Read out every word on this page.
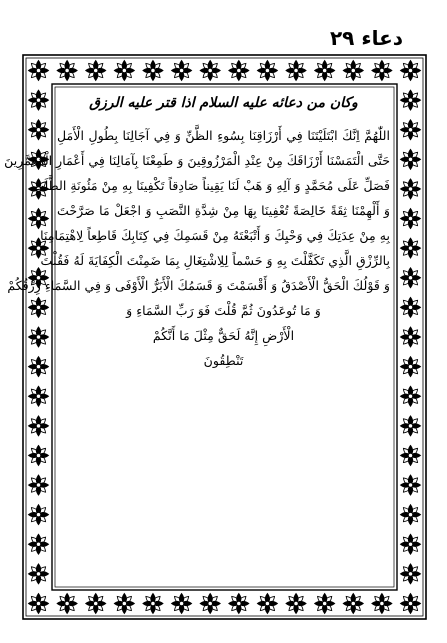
دعاء ۲۹
وکان من دعائه علیه السلام اذا قتر علیه الرزق
اللّٰهُمَّ اِنَّكَ ابْتَلَيْتَنَا فِي أَرْزَاقِنَا بِسُوءِ الظَّنِّ وَ فِي آجَالِنَا بِطُولِ الْأَمَلِ
حَتَّى الْتَمَسْنَا أَرْزَاقَكَ مِنْ عِنْدِ الْمَرْزُوقِينَ وَ طَمِعْنَا بِآمَالِنَا فِي أَعْمَارِ الْمُعَمَّرِينَ
فَصَلِّ عَلَى مُحَمَّدٍ وَ آلِهِ وَ هَبْ لَنَا يَقِيناً صَادِقاً تَكْفِينَا بِهِ مِنْ مَئُونَةِ الطَّلَبِ
وَ أَلْهِمْنَا ثِقَةً خَالِصَةً تُعْفِينَا بِهَا مِنْ شِدَّةِ النَّصَبِ وَ اجْعَلْ مَا صَرَّحْتَ
بِهِ مِنْ عِدَتِكَ فِي وَحْيِكَ وَ أَتْبَعْتَهُ مِنْ قَسَمِكَ فِي كِتَابِكَ قَاطِعاً لِاهْتِمَامِنَا
بِالرِّزْقِ الَّذِي تَكَفَّلْتَ بِهِ وَ حَسْماً لِلِاشْتِغَالِ بِمَا ضَمِنْتَ الْكِفَايَةَ لَهُ فَقُلْتَ
وَ قَوْلُكَ الْحَقُّ الْأَصْدَقُ وَ أَقْسَمْتَ وَ قَسَمُكَ الْأَبَرُّ الْأَوْفَى وَ فِي السَّمَاءِ رِزْقُكُمْ
وَ مَا تُوعَدُونَ ثُمَّ قُلْتَ فَوَ رَبِّ السَّمَاءِ وَ
الْأَرْضِ إِنَّهُ لَحَقٌّ مِثْلَ مَا أَنَّكُمْ
تَنْطِقُونَ
